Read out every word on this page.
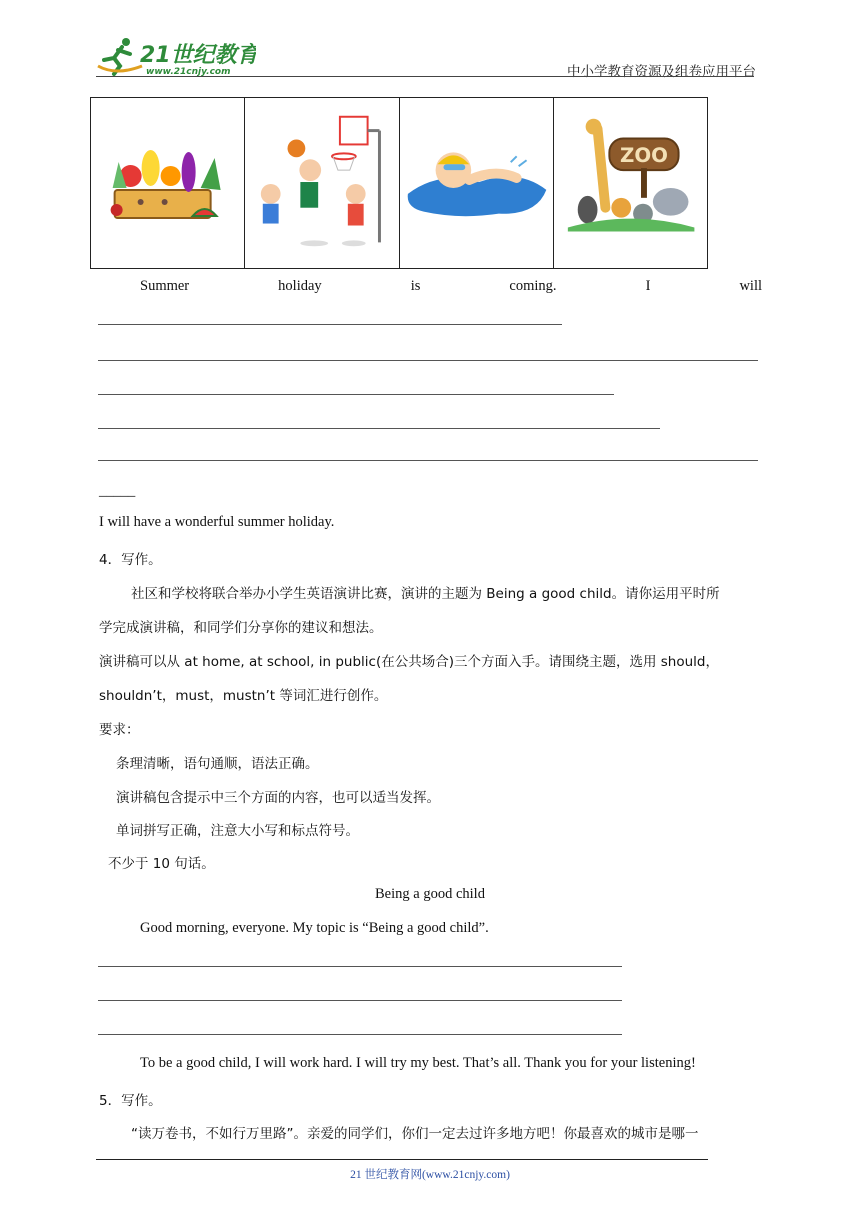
21世纪教育
www.21cnjy.com	中小学教育资源及组卷应用平台
ZOO
Summer	holiday	is	coming.	I	will
_____
I will have a wonderful summer holiday.
4．写作。
社区和学校将联合举办小学生英语演讲比赛，演讲的主题为 Being a good child。请你运用平时所
学完成演讲稿，和同学们分享你的建议和想法。
演讲稿可以从 at home, at school, in public(在公共场合)三个方面入手。请围绕主题，选用 should，
shouldn’t，must，mustn’t 等词汇进行创作。
要求：
条理清晰，语句通顺，语法正确。
演讲稿包含提示中三个方面的内容，也可以适当发挥。
单词拼写正确，注意大小写和标点符号。
不少于 10 句话。
Being a good child
Good morning, everyone. My topic is “Being a good child”.
To be a good child, I will work hard. I will try my best. That’s all. Thank you for your listening!
5．写作。
“读万卷书，不如行万里路”。亲爱的同学们，你们一定去过许多地方吧！你最喜欢的城市是哪一
21 世纪教育网(www.21cnjy.com)
